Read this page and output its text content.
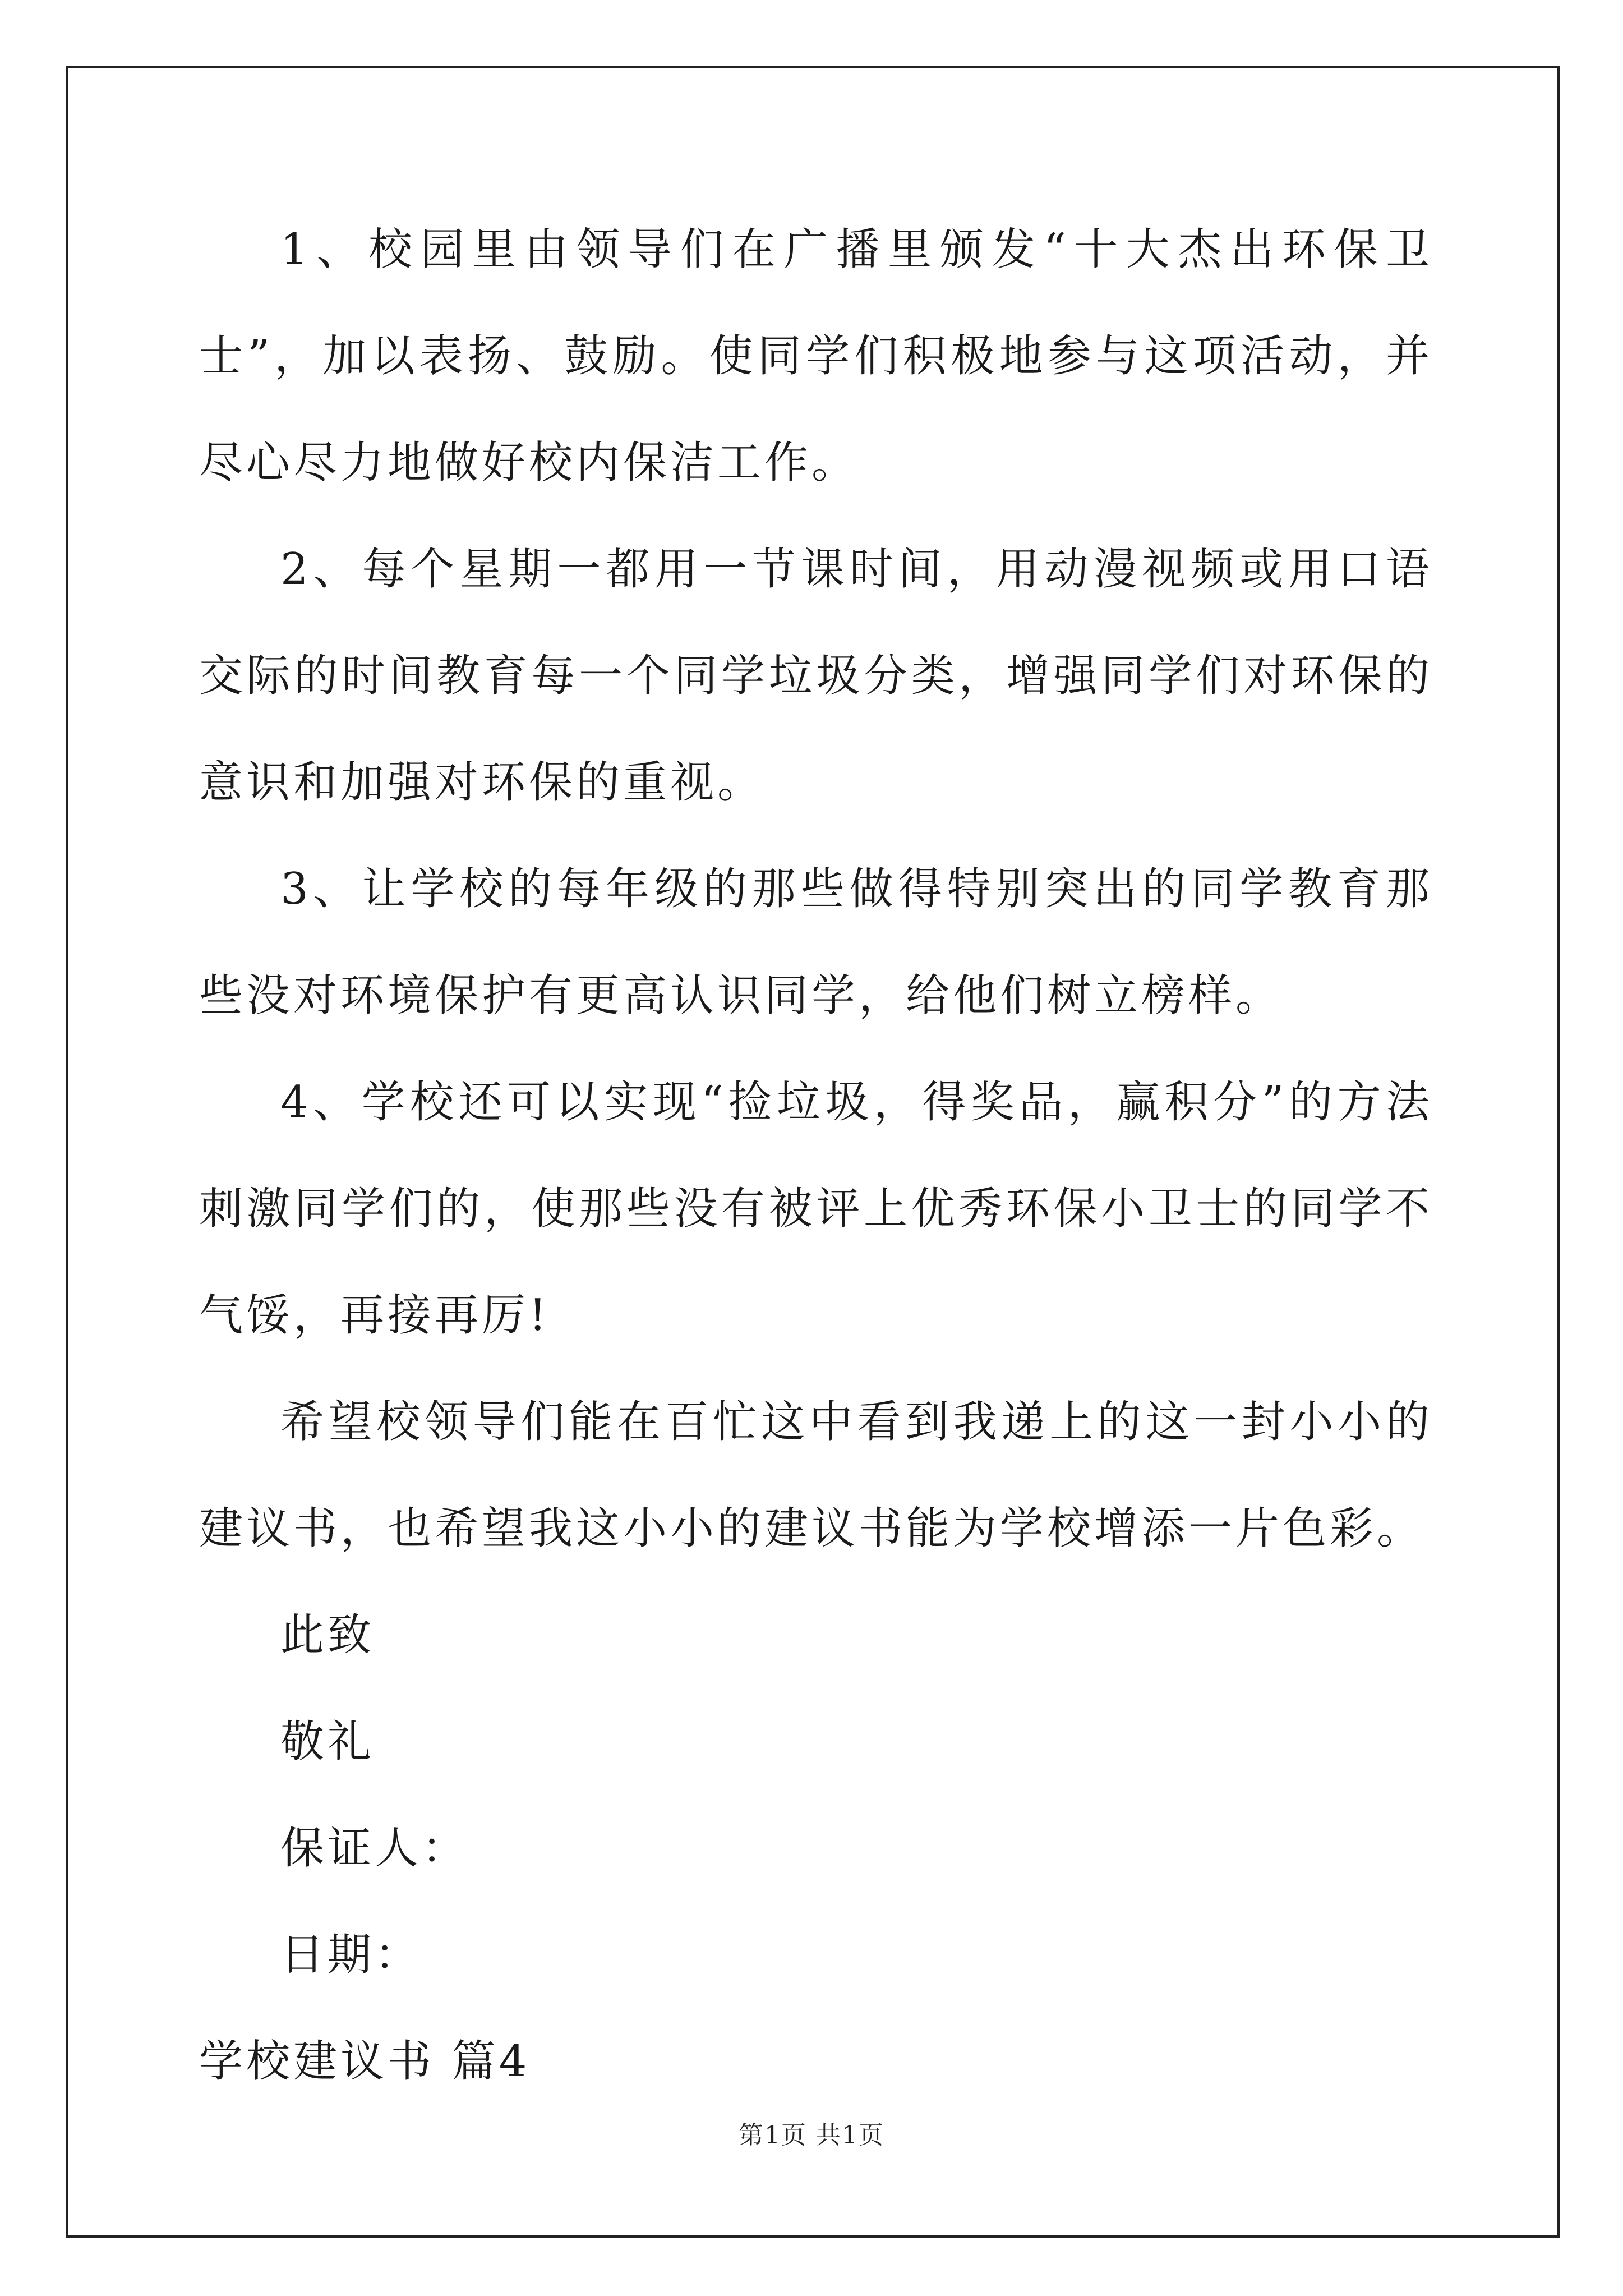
1、校园里由领导们在广播里颁发“十大杰出环保卫士”，加以表扬、鼓励。使同学们积极地参与这项活动，并尽心尽力地做好校内保洁工作。

2、每个星期一都用一节课时间，用动漫视频或用口语交际的时间教育每一个同学垃圾分类，增强同学们对环保的意识和加强对环保的重视。

3、让学校的每年级的那些做得特别突出的同学教育那些没对环境保护有更高认识同学，给他们树立榜样。

4、学校还可以实现“捡垃圾，得奖品，赢积分”的方法刺激同学们的，使那些没有被评上优秀环保小卫士的同学不气馁，再接再厉!

希望校领导们能在百忙这中看到我递上的这一封小小的建议书，也希望我这小小的建议书能为学校增添一片色彩。

此致

敬礼

保证人：

日期：

学校建议书 篇4

第1页 共1页
